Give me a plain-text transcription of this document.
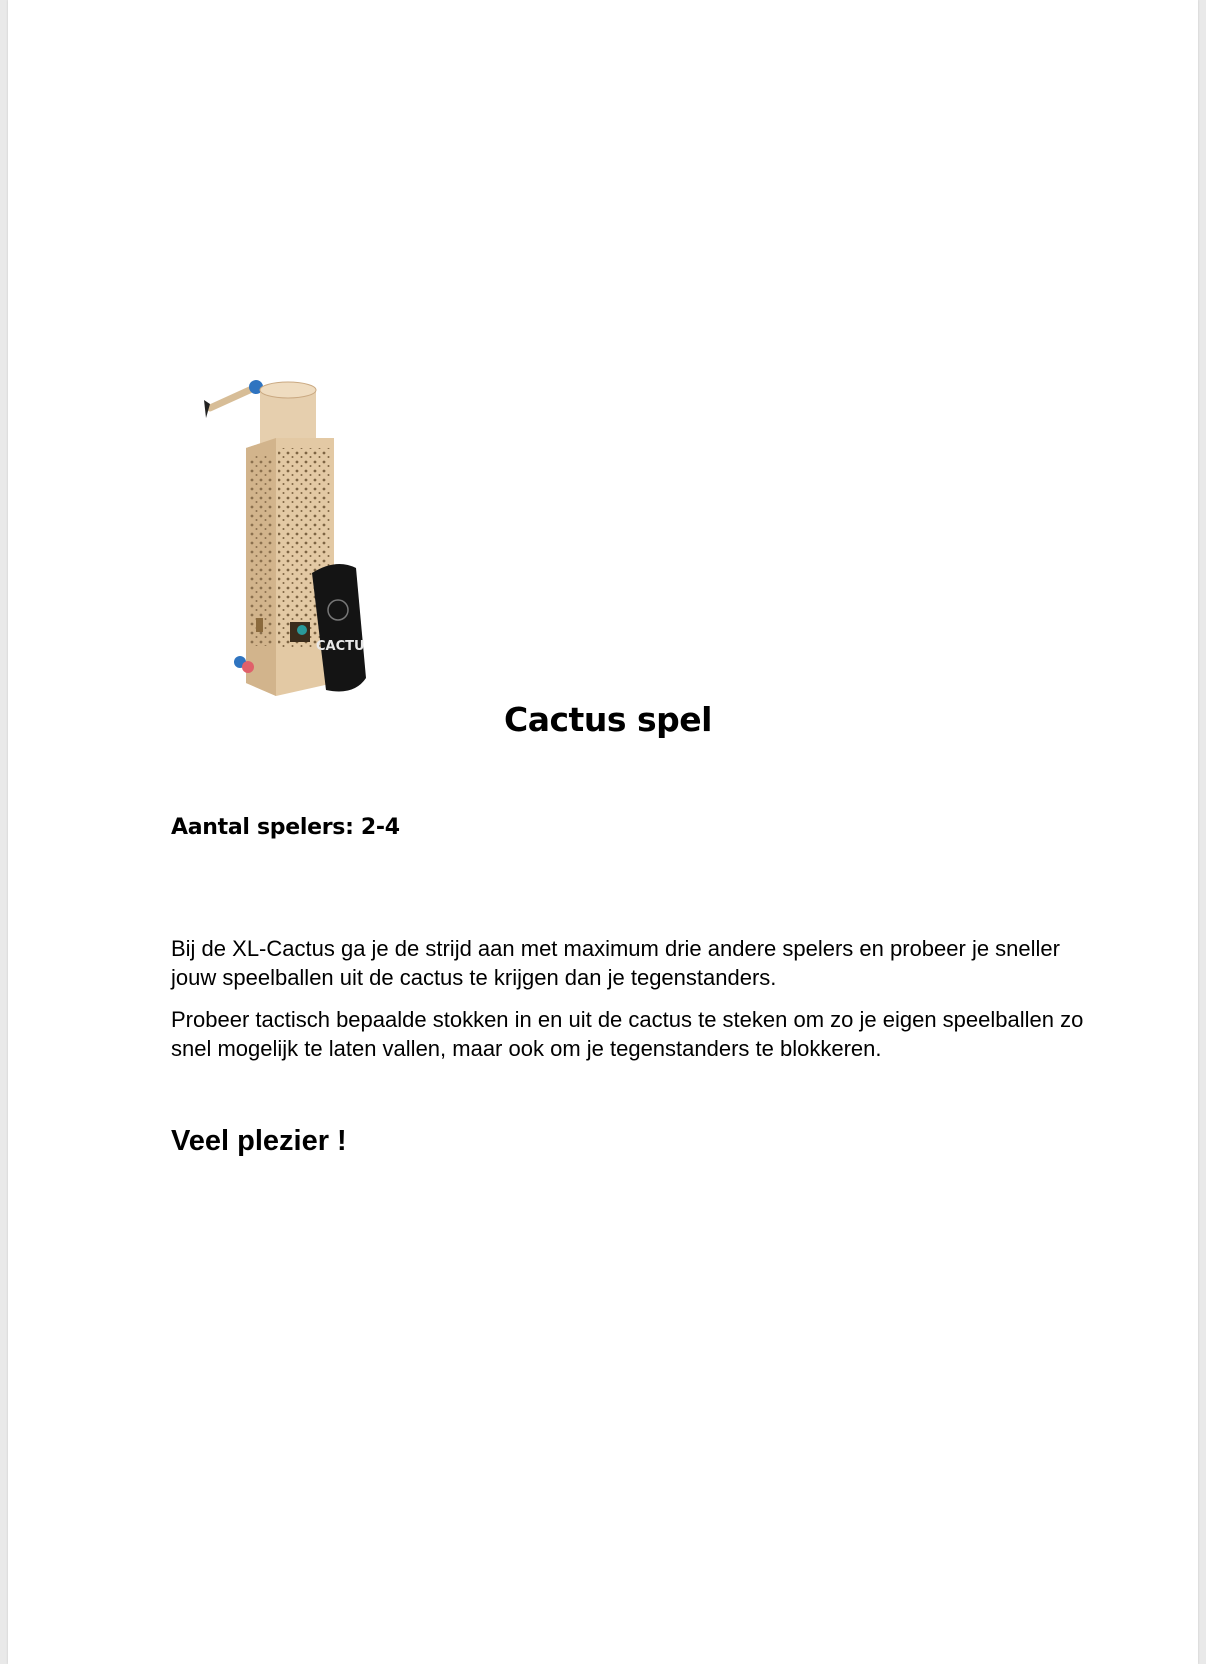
CACTU
Cactus spel

Aantal spelers: 2-4

Bij de XL-Cactus ga je de strijd aan met maximum drie andere spelers en probeer je sneller jouw speelballen uit de cactus te krijgen dan je tegenstanders.

Probeer tactisch bepaalde stokken in en uit de cactus te steken om zo je eigen speelballen zo snel mogelijk te laten vallen, maar ook om je tegenstanders te blokkeren.

Veel plezier !
